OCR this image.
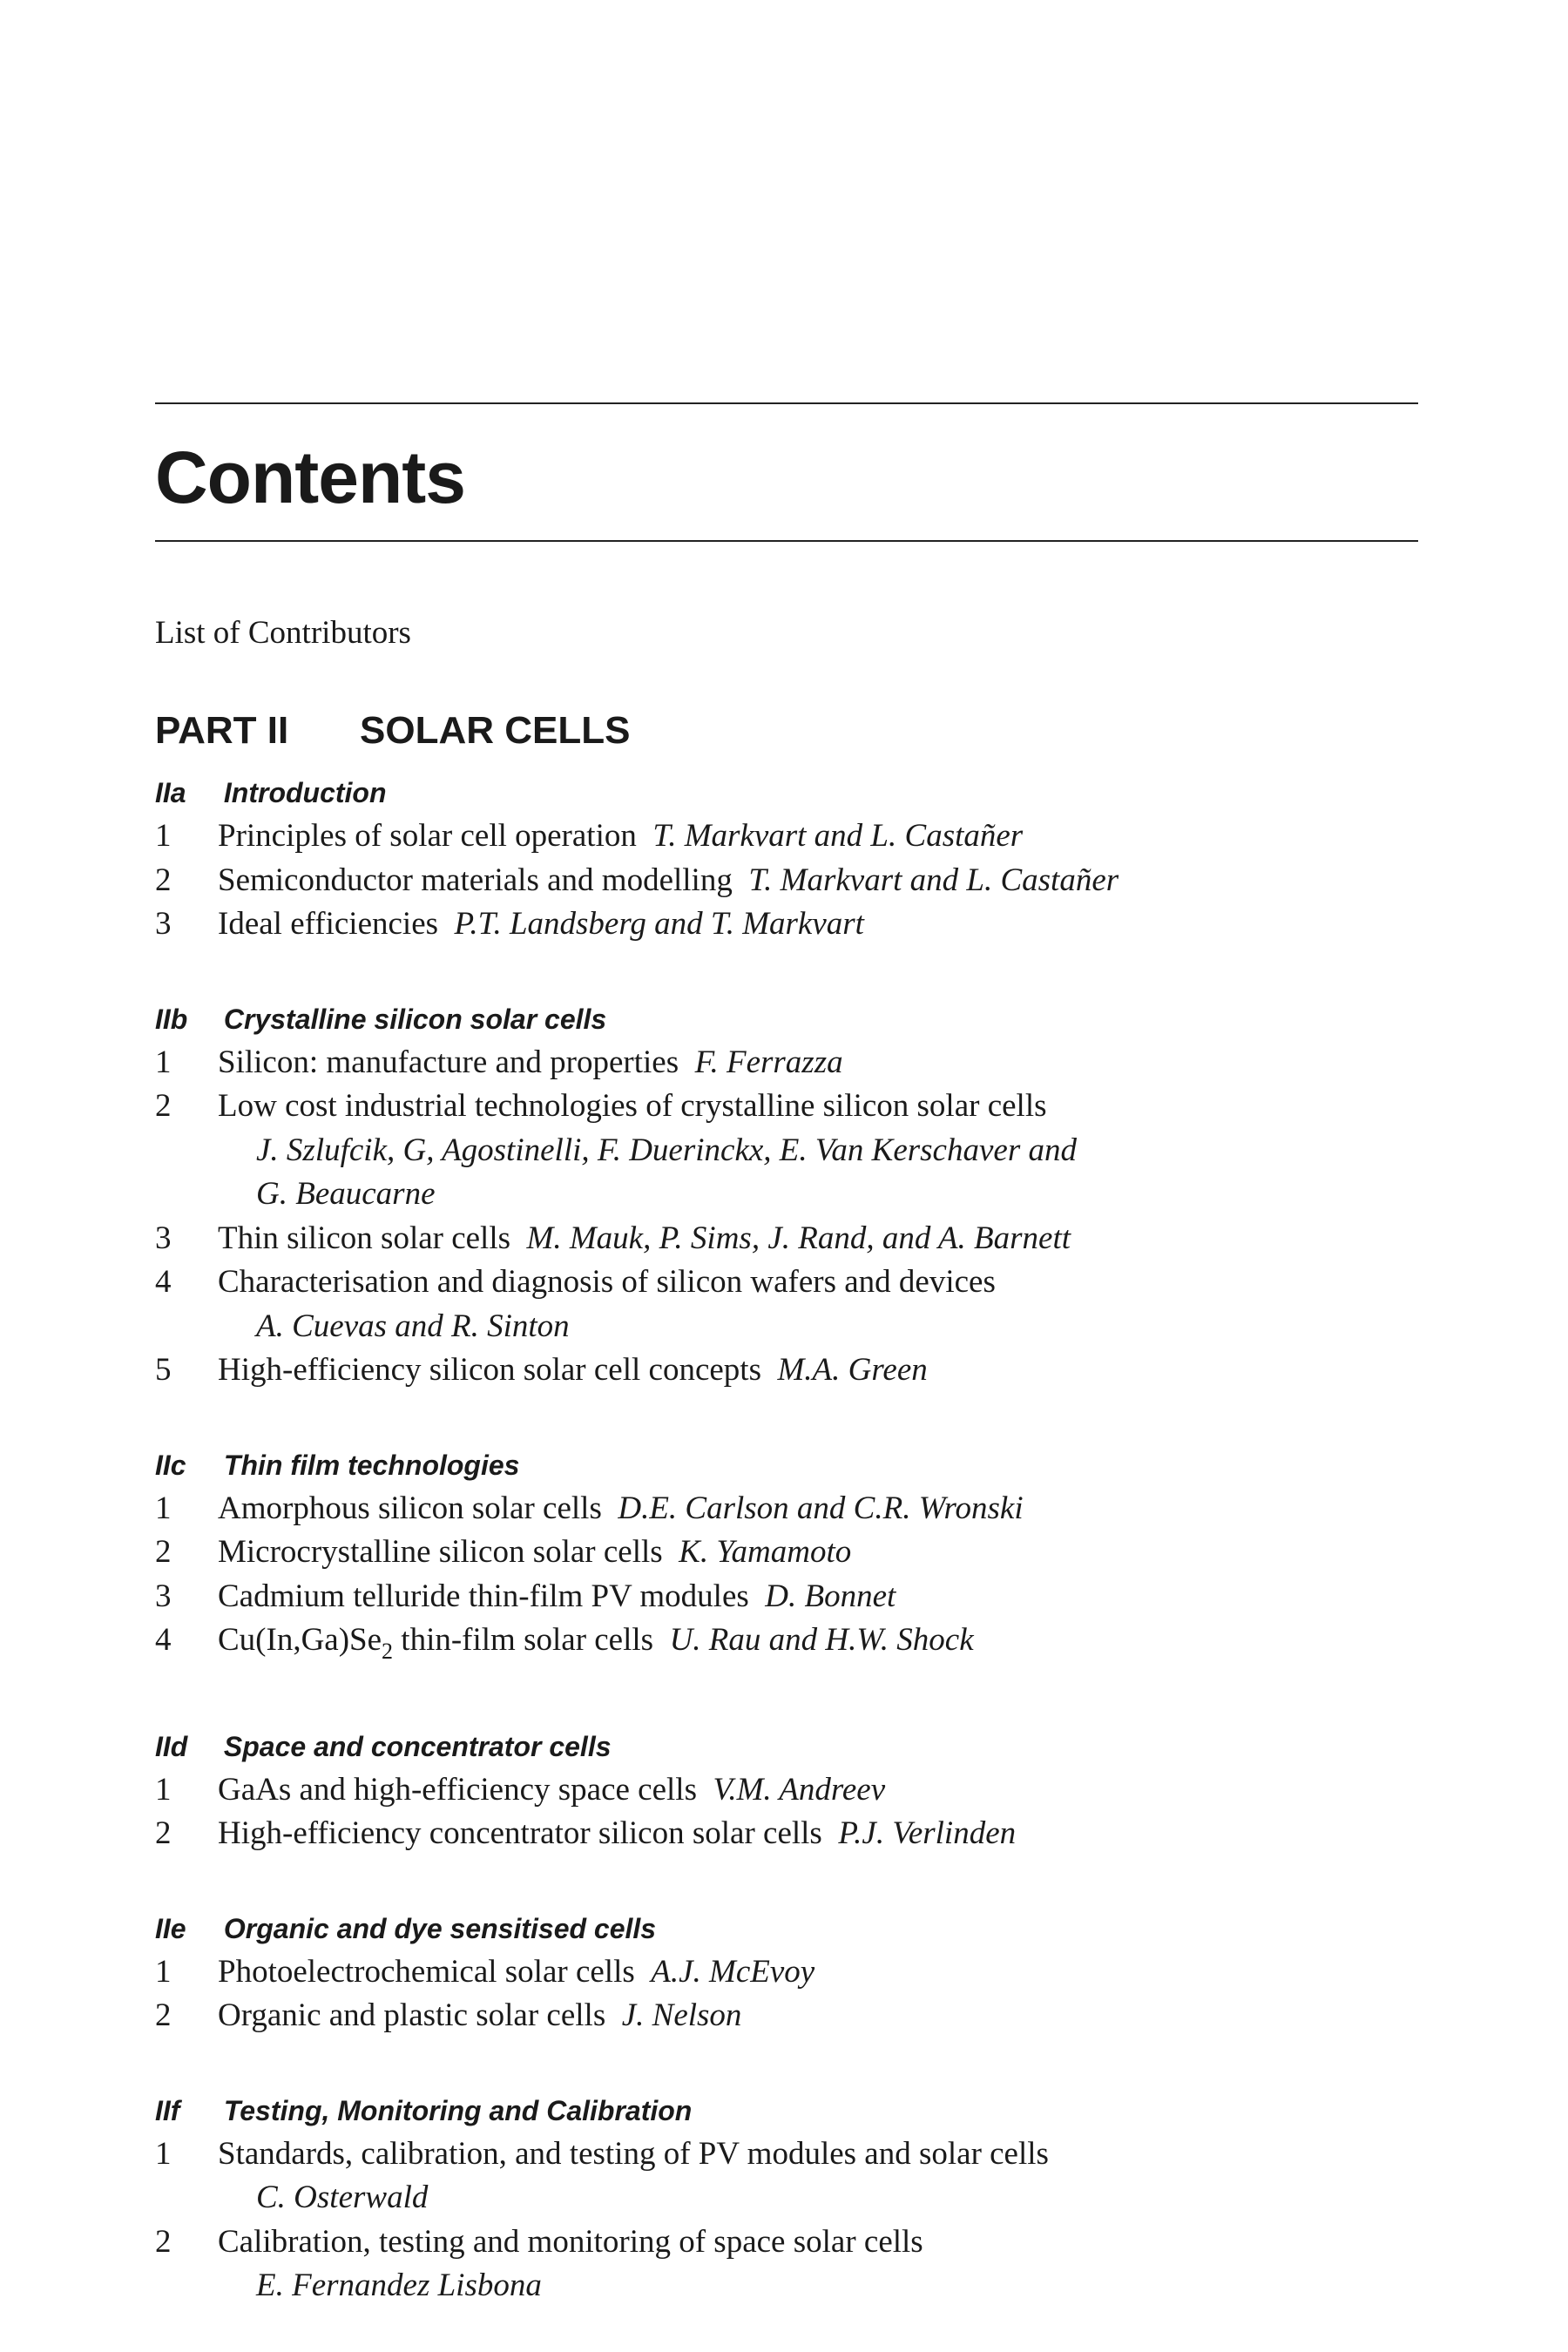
Contents
List of Contributors
PART II	SOLAR CELLS
IIa Introduction
1	Principles of solar cell operation T. Markvart and L. Castañer
2	Semiconductor materials and modelling T. Markvart and L. Castañer
3	Ideal efficiencies P.T. Landsberg and T. Markvart
IIb Crystalline silicon solar cells
1	Silicon: manufacture and properties F. Ferrazza
2	Low cost industrial technologies of crystalline silicon solar cells
J. Szlufcik, G, Agostinelli, F. Duerinckx, E. Van Kerschaver and
G. Beaucarne
3	Thin silicon solar cells M. Mauk, P. Sims, J. Rand, and A. Barnett
4	Characterisation and diagnosis of silicon wafers and devices
A. Cuevas and R. Sinton
5	High-efficiency silicon solar cell concepts M.A. Green
IIc Thin film technologies
1	Amorphous silicon solar cells D.E. Carlson and C.R. Wronski
2	Microcrystalline silicon solar cells K. Yamamoto
3	Cadmium telluride thin-film PV modules D. Bonnet
4	$Cu(In,Ga)Se_2$ thin-film solar cells U. Rau and H.W. Shock
IId Space and concentrator cells
1	GaAs and high-efficiency space cells V.M. Andreev
2	High-efficiency concentrator silicon solar cells P.J. Verlinden
IIe Organic and dye sensitised cells
1	Photoelectrochemical solar cells A.J. McEvoy
2	Organic and plastic solar cells J. Nelson
IIf Testing, Monitoring and Calibration
1	Standards, calibration, and testing of PV modules and solar cells
C. Osterwald
2	Calibration, testing and monitoring of space solar cells
E. Fernandez Lisbona
